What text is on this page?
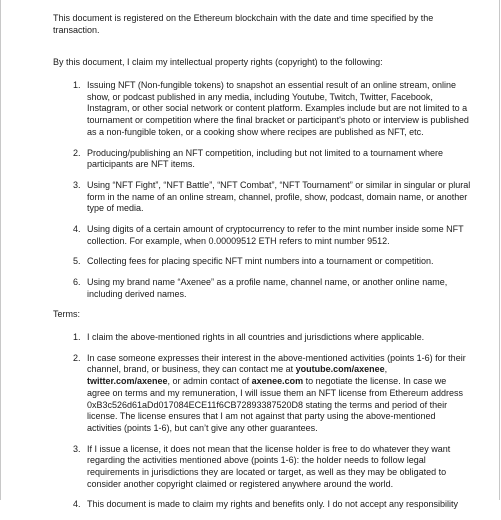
This document is registered on the Ethereum blockchain with the date and time specified by the transaction.

By this document, I claim my intellectual property rights (copyright) to the following:

1. Issuing NFT (Non-fungible tokens) to snapshot an essential result of an online stream, online show, or podcast published in any media, including Youtube, Twitch, Twitter, Facebook, Instagram, or other social network or content platform. Examples include but are not limited to a tournament or competition where the final bracket or participant's photo or interview is published as a non-fungible token, or a cooking show where recipes are published as NFT, etc.
2. Producing/publishing an NFT competition, including but not limited to a tournament where participants are NFT items.
3. Using “NFT Fight”, “NFT Battle”, “NFT Combat”, “NFT Tournament” or similar in singular or plural form in the name of an online stream, channel, profile, show, podcast, domain name, or another type of media.
4. Using digits of a certain amount of cryptocurrency to refer to the mint number inside some NFT collection. For example, when 0.00009512 ETH refers to mint number 9512.
5. Collecting fees for placing specific NFT mint numbers into a tournament or competition.
6. Using my brand name “Axenee” as a profile name, channel name, or another online name, including derived names.

Terms:

1. I claim the above-mentioned rights in all countries and jurisdictions where applicable.
2. In case someone expresses their interest in the above-mentioned activities (points 1-6) for their channel, brand, or business, they can contact me at youtube.com/axenee, twitter.com/axenee, or admin contact of axenee.com to negotiate the license. In case we agree on terms and my remuneration, I will issue them an NFT license from Ethereum address 0xB3c526d61aDd017084ECE11f6CB72893387520D8 stating the terms and period of their license. The license ensures that I am not against that party using the above-mentioned activities (points 1-6), but can’t give any other guarantees.
3. If I issue a license, it does not mean that the license holder is free to do whatever they want regarding the activities mentioned above (points 1-6): the holder needs to follow legal requirements in jurisdictions they are located or target, as well as they may be obligated to consider another copyright claimed or registered anywhere around the world.
4. This document is made to claim my rights and benefits only. I do not accept any responsibility
